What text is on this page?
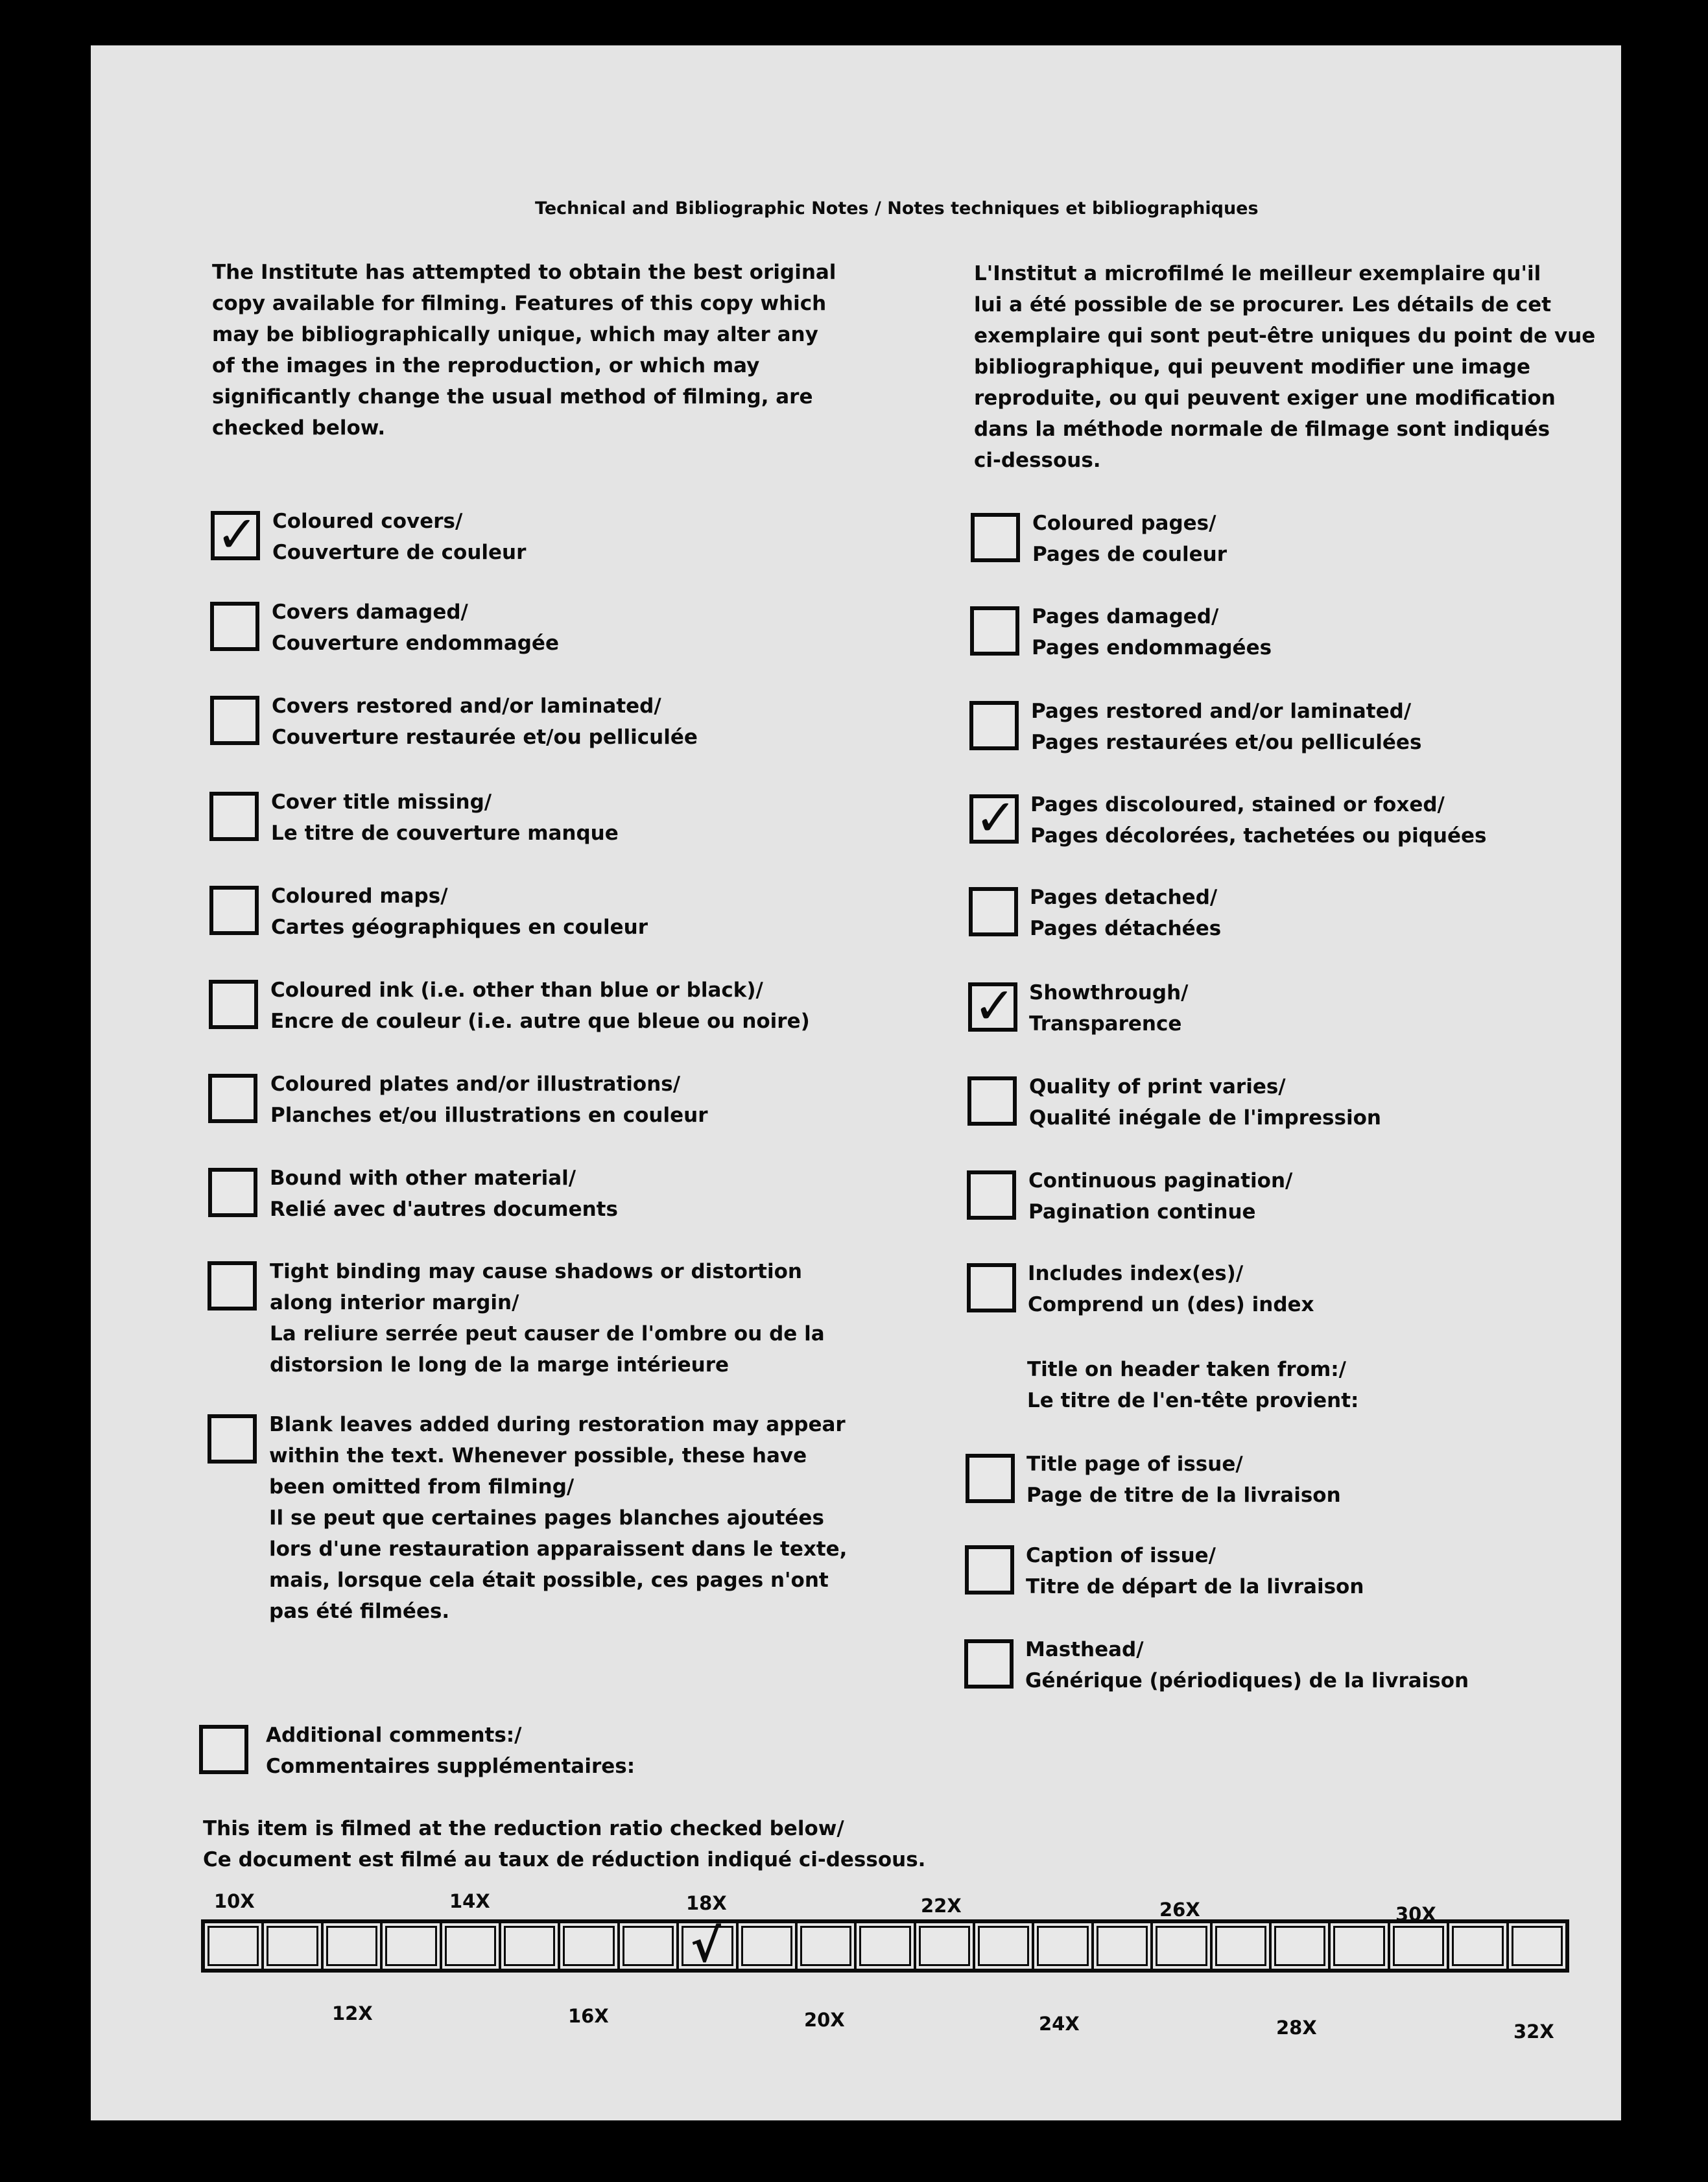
Technical and Bibliographic Notes / Notes techniques et bibliographiques
The Institute has attempted to obtain the best original
copy available for filming. Features of this copy which
may be bibliographically unique, which may alter any
of the images in the reproduction, or which may
significantly change the usual method of filming, are
checked below.
L'Institut a microfilmé le meilleur exemplaire qu'il
lui a été possible de se procurer. Les détails de cet
exemplaire qui sont peut-être uniques du point de vue
bibliographique, qui peuvent modifier une image
reproduite, ou qui peuvent exiger une modification
dans la méthode normale de filmage sont indiqués
ci-dessous.
✓ Coloured covers/
Couverture de couleur
Covers damaged/
Couverture endommagée
Covers restored and/or laminated/
Couverture restaurée et/ou pelliculée
Cover title missing/
Le titre de couverture manque
Coloured maps/
Cartes géographiques en couleur
Coloured ink (i.e. other than blue or black)/
Encre de couleur (i.e. autre que bleue ou noire)
Coloured plates and/or illustrations/
Planches et/ou illustrations en couleur
Bound with other material/
Relié avec d'autres documents
Tight binding may cause shadows or distortion
along interior margin/
La reliure serrée peut causer de l'ombre ou de la
distorsion le long de la marge intérieure
Blank leaves added during restoration may appear
within the text. Whenever possible, these have
been omitted from filming/
Il se peut que certaines pages blanches ajoutées
lors d'une restauration apparaissent dans le texte,
mais, lorsque cela était possible, ces pages n'ont
pas été filmées.
Coloured pages/
Pages de couleur
Pages damaged/
Pages endommagées
Pages restored and/or laminated/
Pages restaurées et/ou pelliculées
✓ Pages discoloured, stained or foxed/
Pages décolorées, tachetées ou piquées
Pages detached/
Pages détachées
✓ Showthrough/
Transparence
Quality of print varies/
Qualité inégale de l'impression
Continuous pagination/
Pagination continue
Includes index(es)/
Comprend un (des) index
Title on header taken from:/
Le titre de l'en-tête provient:
Title page of issue/
Page de titre de la livraison
Caption of issue/
Titre de départ de la livraison
Masthead/
Générique (périodiques) de la livraison
Additional comments:/
Commentaires supplémentaires:
This item is filmed at the reduction ratio checked below/
Ce document est filmé au taux de réduction indiqué ci-dessous.
√
10X	14X	18X	22X	26X	30X
12X	16X	20X	24X	28X	32X
